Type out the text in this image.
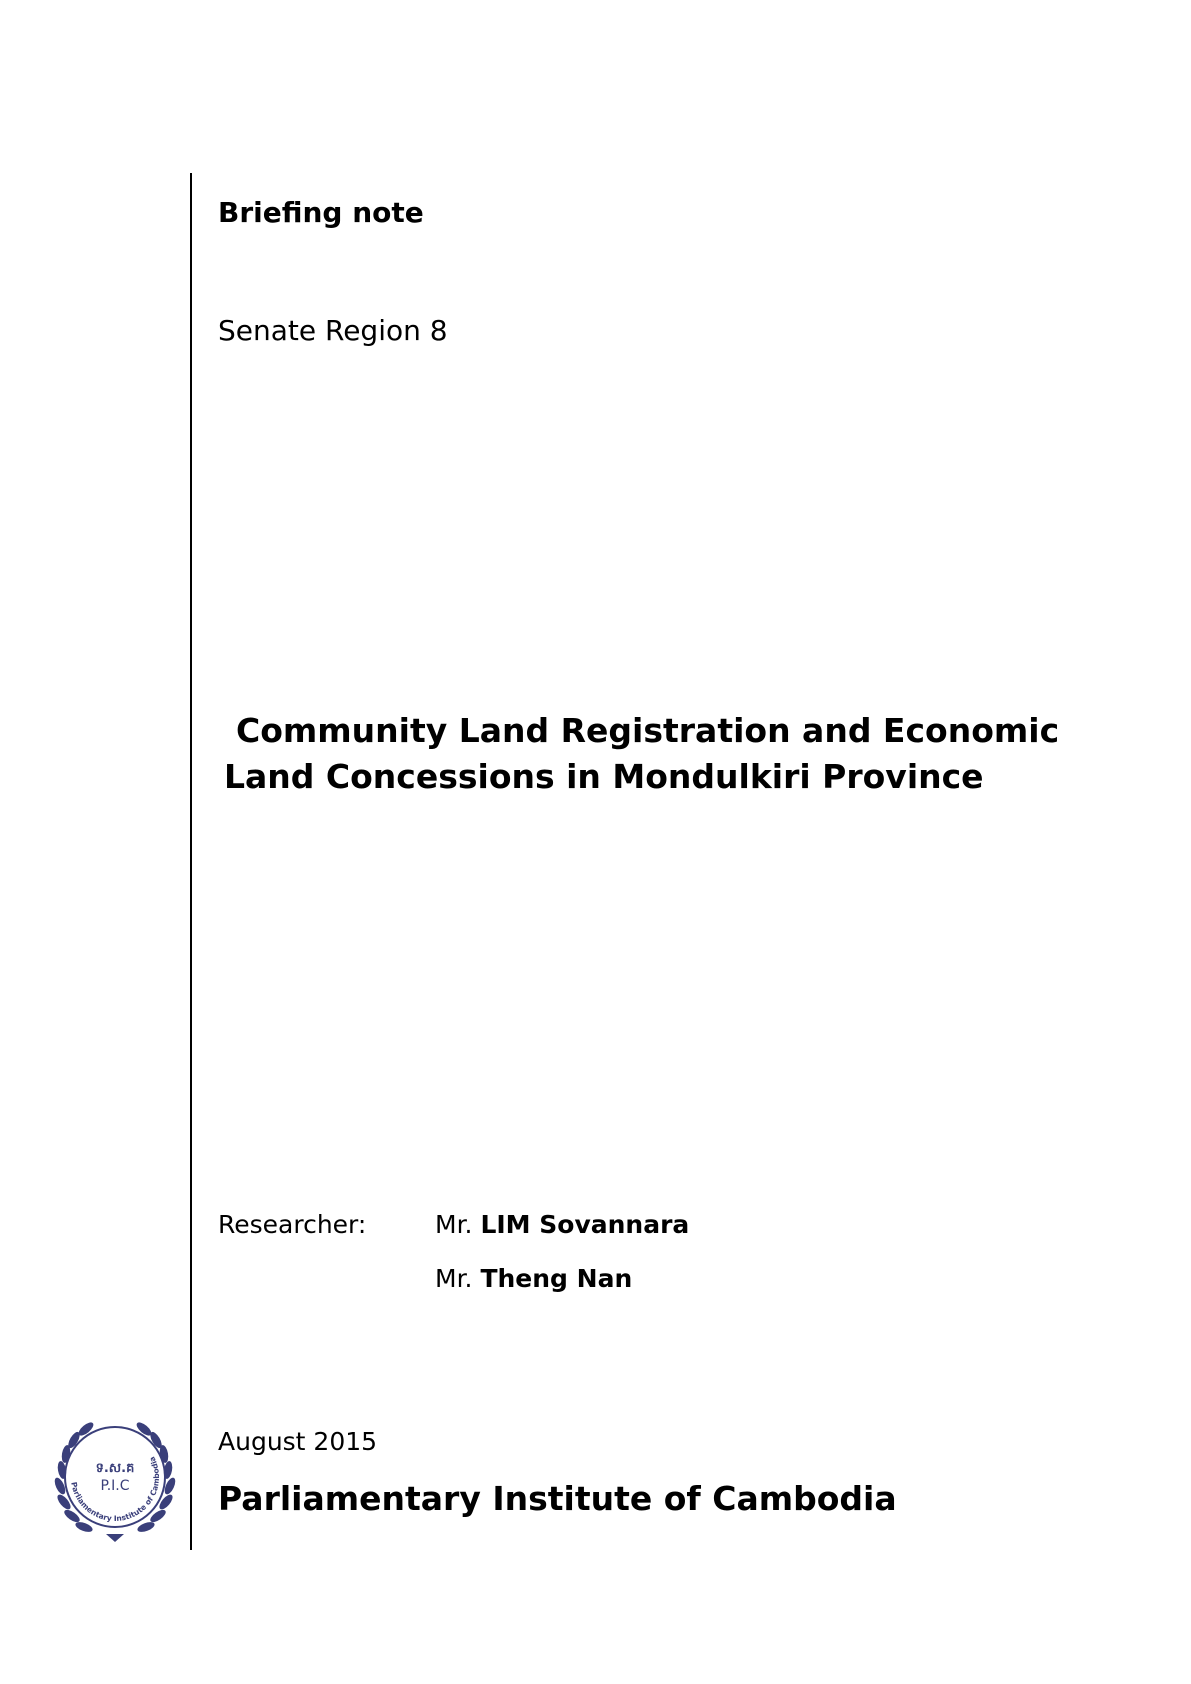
Briefing note
Senate Region 8
Community Land Registration and Economic
Land Concessions in Mondulkiri Province
Researcher:	Mr. LIM Sovannara
Mr. Theng Nan
August 2015
Parliamentary Institute of Cambodia
Parliamentary Institute of Cambodia
ទ.ស.គ
P.I.C
